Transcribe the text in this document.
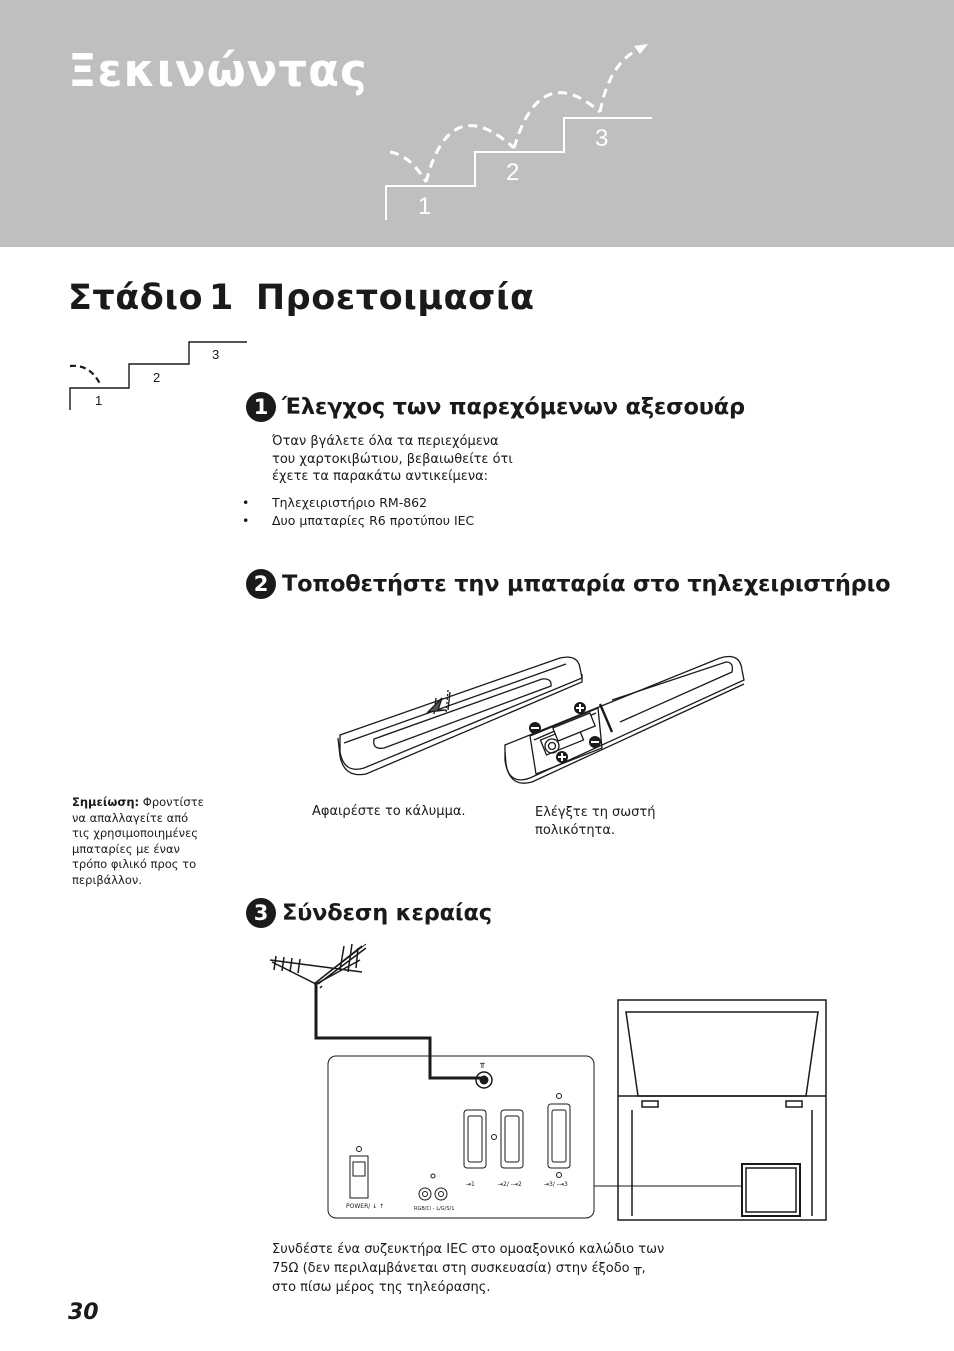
Ξεκινώντας
1
2
3
Στάδιο 1 Προετοιμασία
1
2
3
1 Έλεγχος των παρεχόμενων αξεσουάρ
Όταν βγάλετε όλα τα περιεχόμενα
του χαρτοκιβώτιου, βεβαιωθείτε ότι
έχετε τα παρακάτω αντικείμενα:
• Τηλεχειριστήριο RM-862
• Δυο μπαταρίες R6 προτύπου IEC
2 Τοποθετήστε την μπαταρία στο τηλεχειριστήριο
Αφαιρέστε το κάλυμμα.	Ελέγξτε τη σωστή
πολικότητα.
Σημείωση: Φροντίστε
να απαλλαγείτε από
τις χρησιμοποιημένες
μπαταρίες με έναν
τρόπο φιλικό προς το
περιβάλλον.
3 Σύνδεση κεραίας
╥
POWER/ ↓ ↑	RGB/Ci - L/G/S/1
⇥1	⇥2/ -⇥2	⇥3/ -⇥3
Συνδέστε ένα συζευκτήρα IEC στο ομοαξονικό καλώδιο των
75Ω (δεν περιλαμβάνεται στη συσκευασία) στην έξοδο ╥,
στο πίσω μέρος της τηλεόρασης.
30
